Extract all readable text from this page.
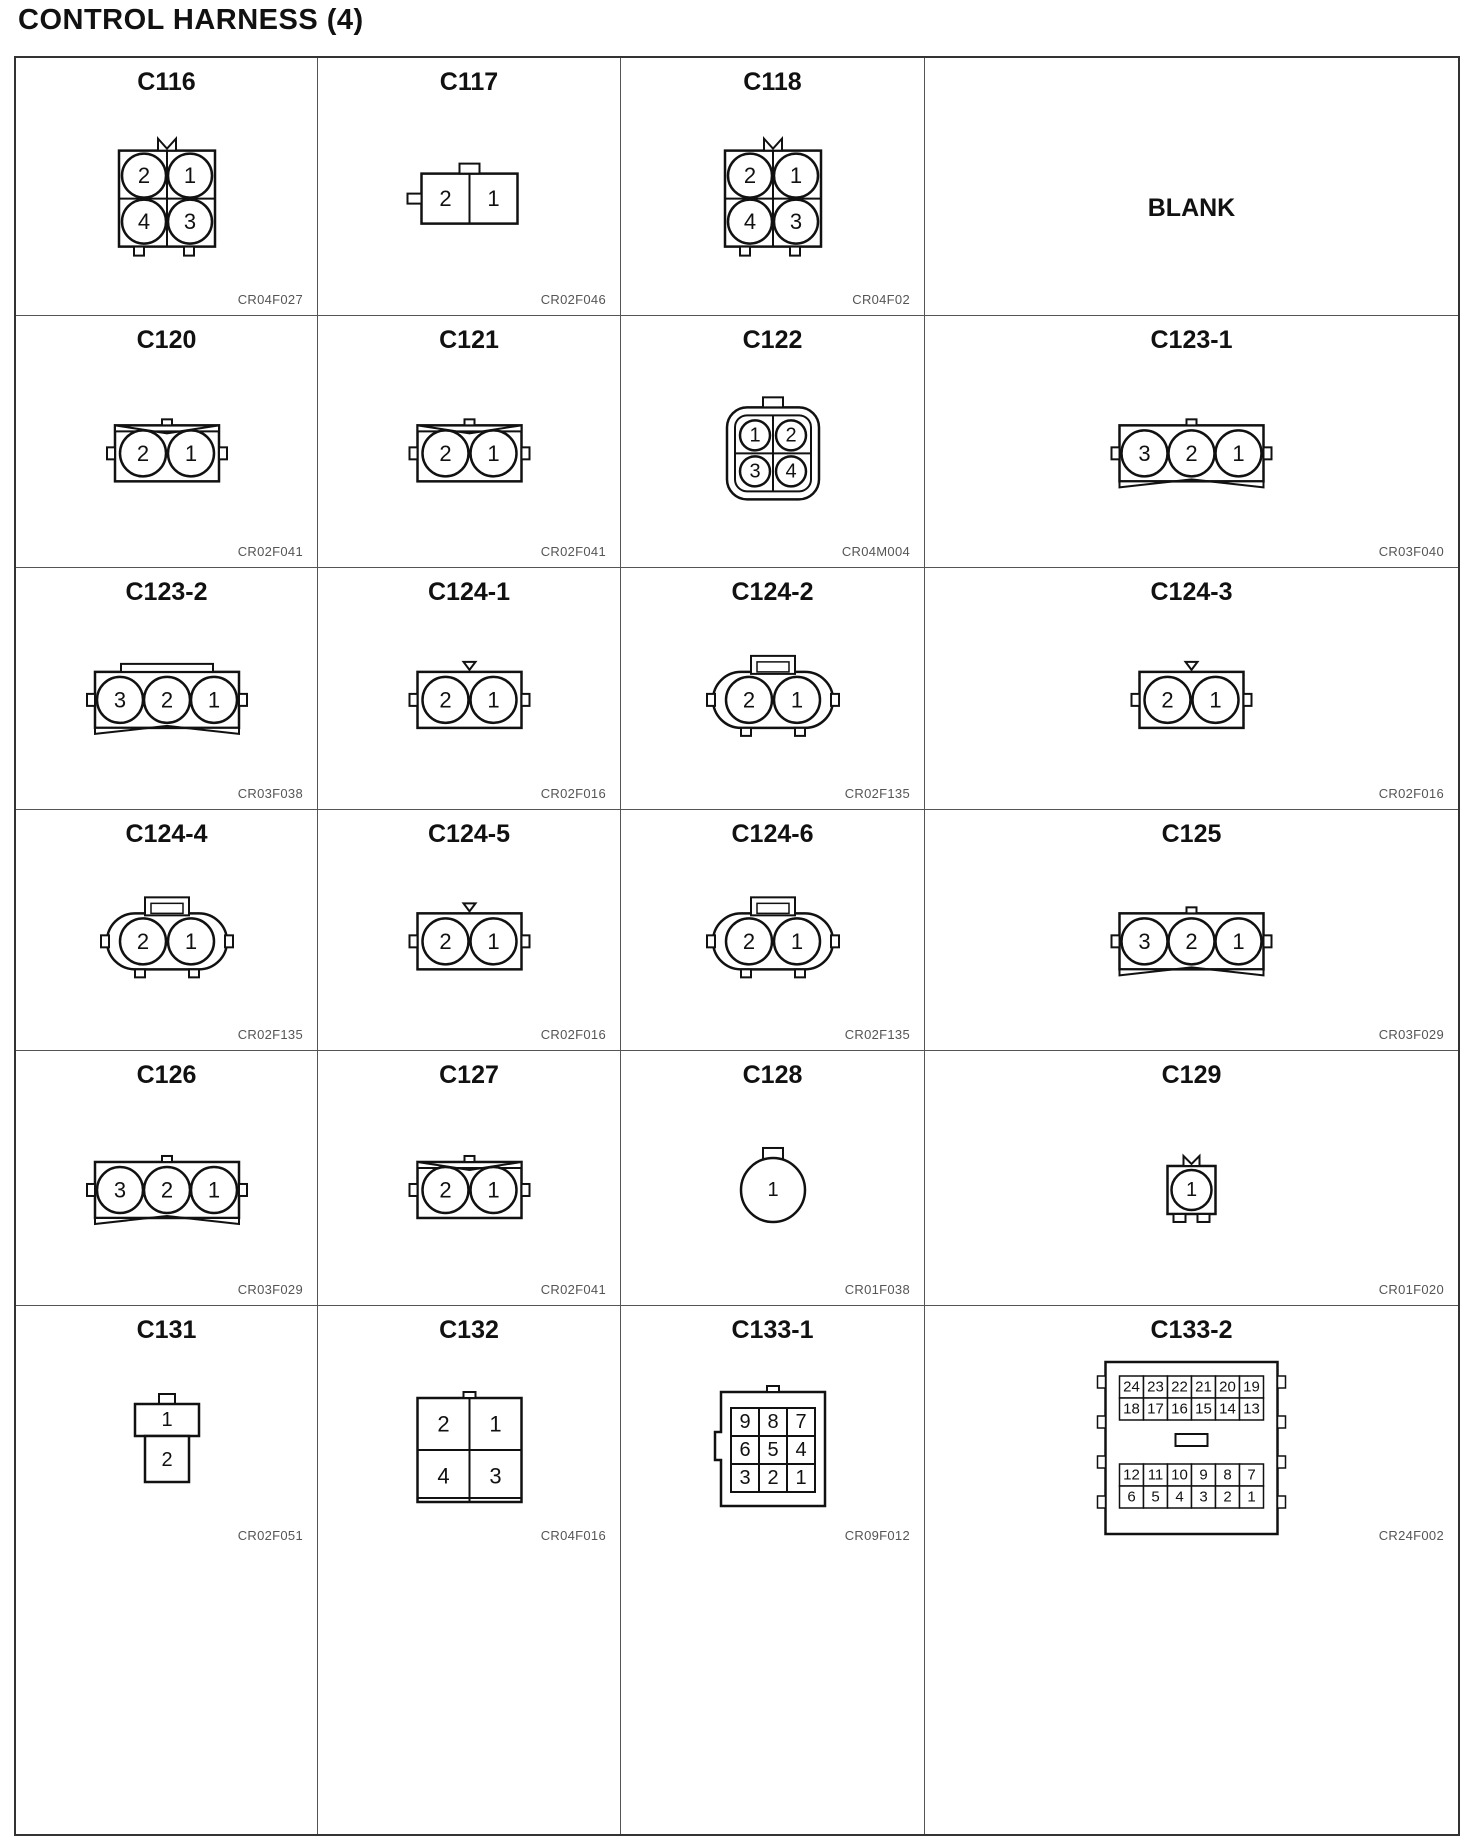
CONTROL HARNESS (4)
C116
2 1
4 3
CR04F027
C117
2 1
CR02F046
C118
2 1
4 3
CR04F02
BLANK
C120
2 1
CR02F041
C121
2 1
CR02F041
C122
1 2
3 4
CR04M004
C123-1
3 2 1
CR03F040
C123-2
3 2 1
CR03F038
C124-1
2 1
CR02F016
C124-2
2 1
CR02F135
C124-3
2 1
CR02F016
C124-4
2 1
CR02F135
C124-5
2 1
CR02F016
C124-6
2 1
CR02F135
C125
3 2 1
CR03F029
C126
3 2 1
CR03F029
C127
2 1
CR02F041
C128
1
CR01F038
C129
1
CR01F020
C131
1
2
CR02F051
C132
2 1
4 3
CR04F016
C133-1
9 8 7
6 5 4
3 2 1
CR09F012
C133-2
24 23 22 21 20 19
18 17 16 15 14 13
12 11 10 9 8 7
6 5 4 3 2 1
CR24F002
